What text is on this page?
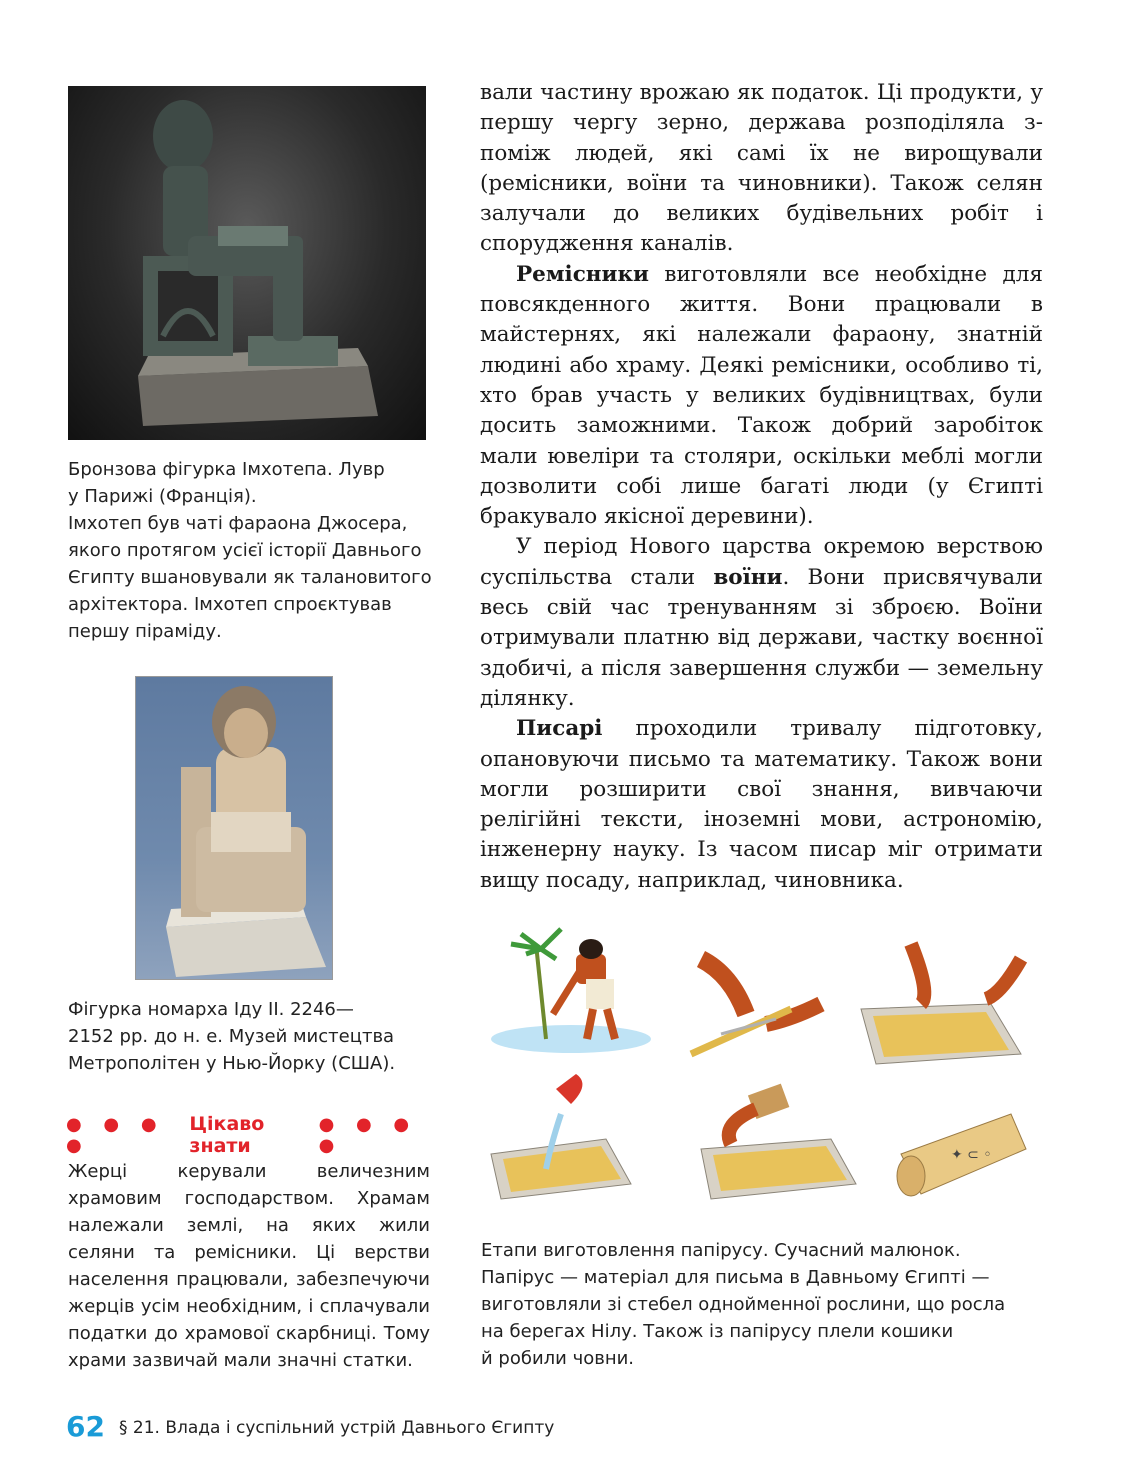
Бронзова фігурка Імхотепа. Лувр
у Парижі (Франція).
Імхотеп був чаті фараона Джосера,
якого протягом усієї історії Давнього
Єгипту вшановували як талановитого
архітектора. Імхотеп спроєктував
першу піраміду.
Фігурка номарха Іду ІІ. 2246—
2152 рр. до н. е. Музей мистецтва
Метрополітен у Нью-Йорку (США).
● ● ● ●
Цікаво знати
● ● ● ●
Жерці керували величезним храмовим господарством. Храмам належали землі, на яких жили селяни та ремісники. Ці верстви населення працювали, забезпечуючи жерців усім необхідним, і сплачували податки до храмової скарбниці. Тому храми зазвичай мали значні статки.

вали частину врожаю як податок. Ці продукти, у першу чергу зерно, держава розподіляла з-поміж людей, які самі їх не вирощували (ремісники, воїни та чиновники). Також селян залучали до великих будівельних робіт і спорудження каналів.

Ремісники виготовляли все необхідне для повсякденного життя. Вони працювали в майстернях, які належали фараону, знатній людині або храму. Деякі ремісники, особливо ті, хто брав участь у великих будівництвах, були досить заможними. Також добрий заробіток мали ювеліри та столяри, оскільки меблі могли дозволити собі лише багаті люди (у Єгипті бракувало якісної деревини).

У період Нового царства окремою верствою суспільства стали воїни. Вони присвячували весь свій час тренуванням зі зброєю. Воїни отримували платню від держави, частку воєнної здобичі, а після завершення служби — земельну ділянку.

Писарі проходили тривалу підготовку, опановуючи письмо та математику. Також вони могли розширити свої знання, вивчаючи релігійні тексти, іноземні мови, астрономію, інженерну науку. Із часом писар міг отримати вищу посаду, наприклад, чиновника.

✦ ⊂ ◦
Етапи виготовлення папірусу. Сучасний малюнок.
Папірус — матеріал для письма в Давньому Єгипті —
виготовляли зі стебел однойменної рослини, що росла
на берегах Нілу. Також із папірусу плели кошики
й робили човни.
62 § 21. Влада і суспільний устрій Давнього Єгипту
